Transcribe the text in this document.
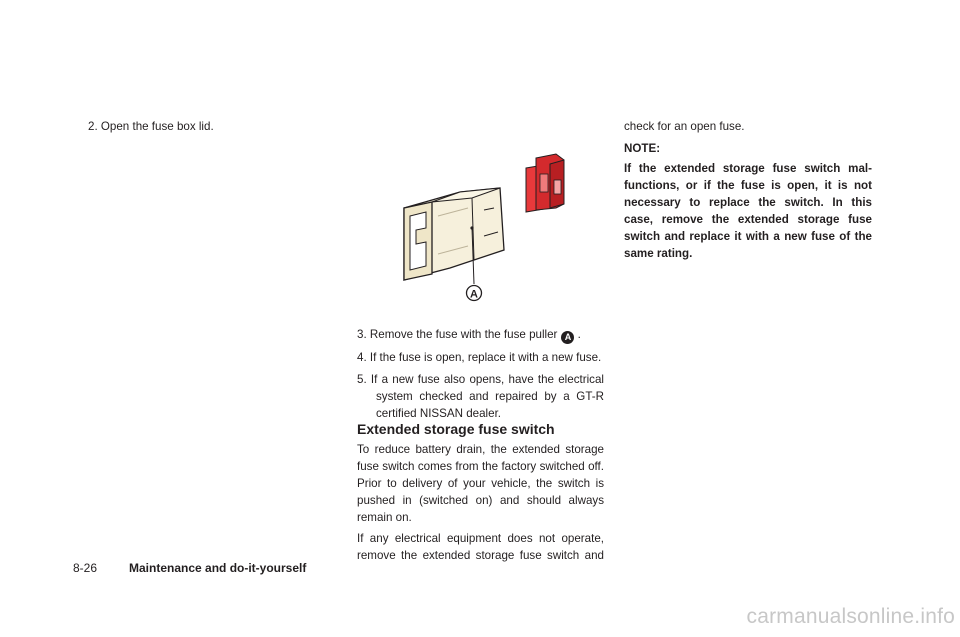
2. Open the fuse box lid.
A
3. Remove the fuse with the fuse puller A .
4. If the fuse is open, replace it with a new fuse.
5. If a new fuse also opens, have the electrical
system checked and repaired by a GT-R
certified NISSAN dealer.
Extended storage fuse switch
To reduce battery drain, the extended storage
fuse switch comes from the factory switched off.
Prior to delivery of your vehicle, the switch is
pushed in (switched on) and should always
remain on.
If any electrical equipment does not operate,
remove the extended storage fuse switch and
check for an open fuse.
NOTE:
If the extended storage fuse switch mal-
functions, or if the fuse is open, it is not
necessary to replace the switch. In this
case, remove the extended storage fuse
switch and replace it with a new fuse of the
same rating.
8-26	Maintenance and do-it-yourself
carmanualsonline.info
